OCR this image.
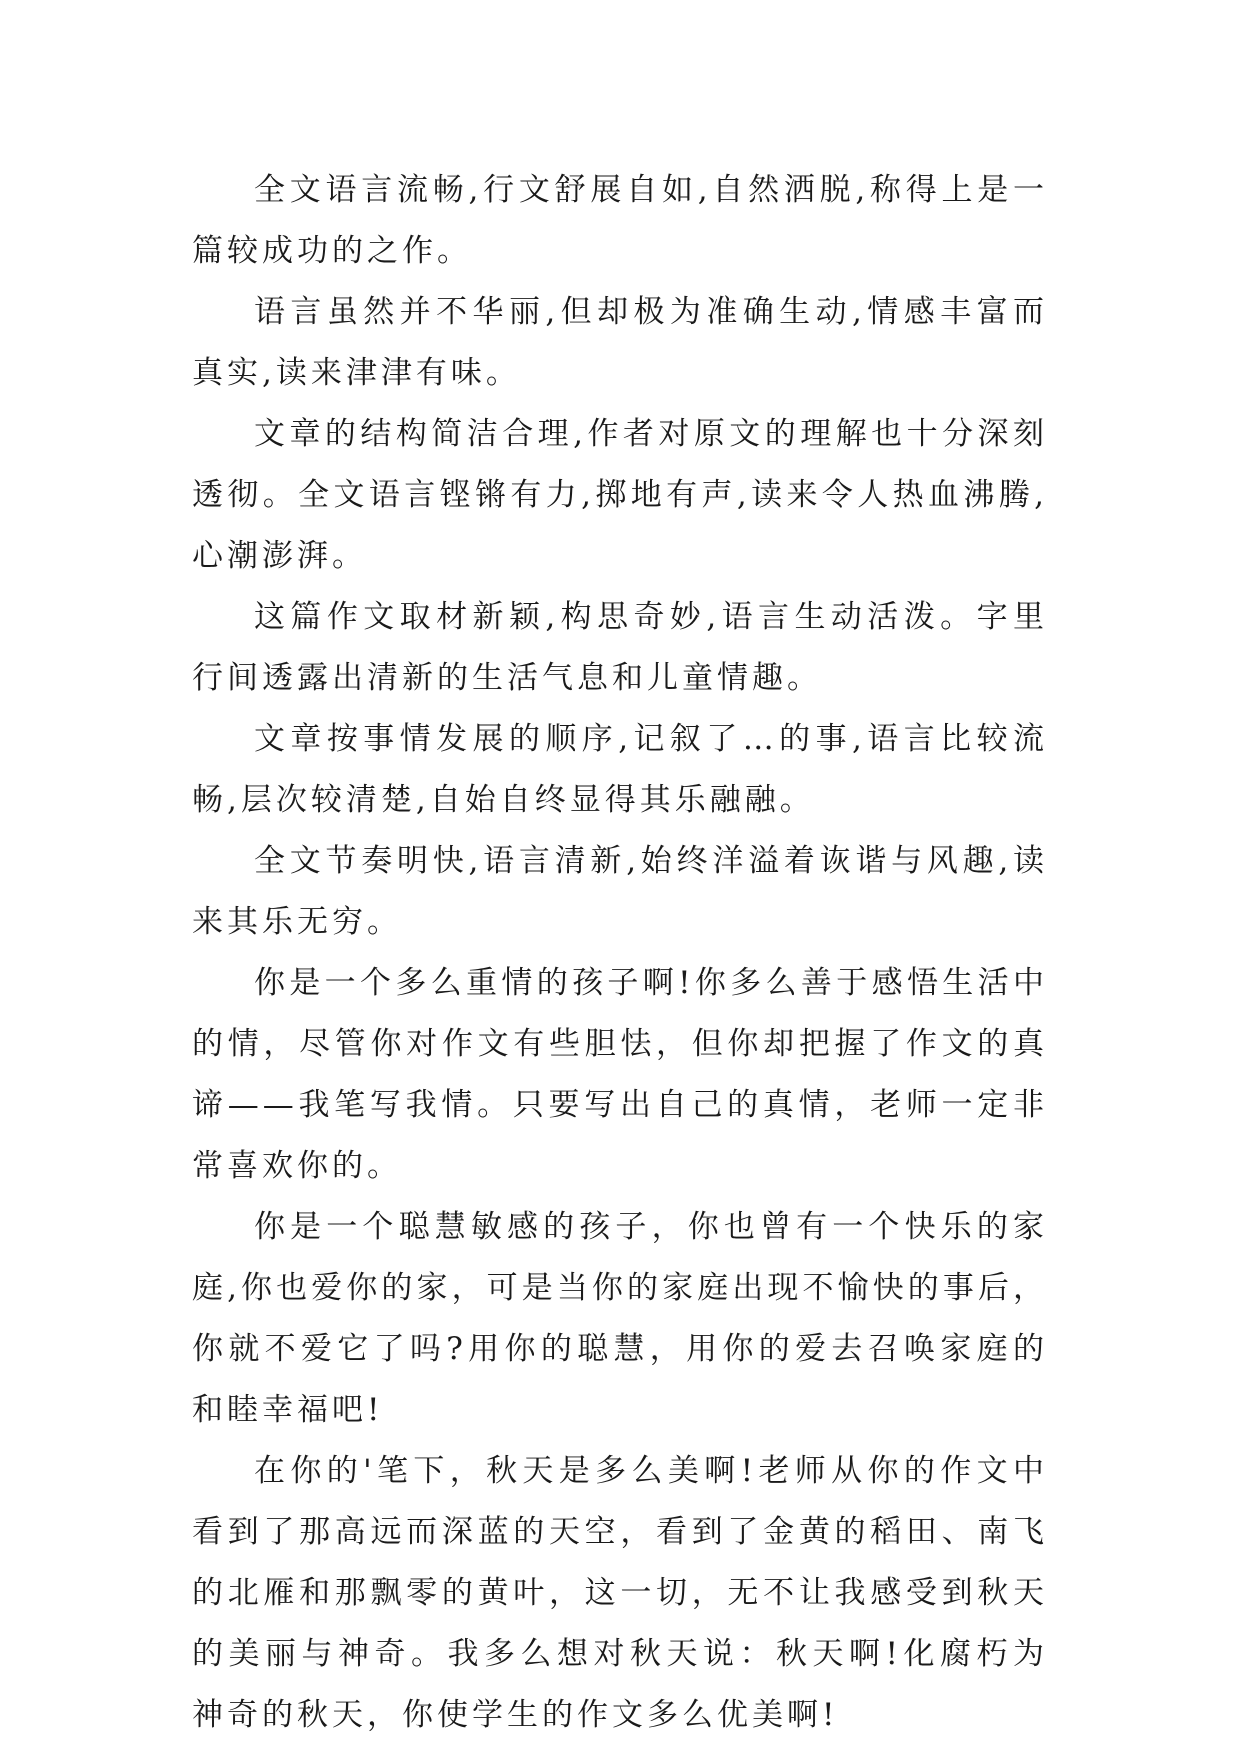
全文语言流畅,行文舒展自如,自然洒脱,称得上是一篇较成功的之作。

语言虽然并不华丽,但却极为准确生动,情感丰富而真实,读来津津有味。

文章的结构简洁合理,作者对原文的理解也十分深刻透彻。全文语言铿锵有力,掷地有声,读来令人热血沸腾,心潮澎湃。

这篇作文取材新颖,构思奇妙,语言生动活泼。字里行间透露出清新的生活气息和儿童情趣。

文章按事情发展的顺序,记叙了…的事,语言比较流畅,层次较清楚,自始自终显得其乐融融。

全文节奏明快,语言清新,始终洋溢着诙谐与风趣,读来其乐无穷。

你是一个多么重情的孩子啊!你多么善于感悟生活中的情，尽管你对作文有些胆怯，但你却把握了作文的真谛——我笔写我情。只要写出自己的真情，老师一定非常喜欢你的。

你是一个聪慧敏感的孩子，你也曾有一个快乐的家庭,你也爱你的家，可是当你的家庭出现不愉快的事后，你就不爱它了吗?用你的聪慧，用你的爱去召唤家庭的和睦幸福吧!

在你的'笔下，秋天是多么美啊!老师从你的作文中看到了那高远而深蓝的天空，看到了金黄的稻田、南飞的北雁和那飘零的黄叶，这一切，无不让我感受到秋天的美丽与神奇。我多么想对秋天说：秋天啊!化腐朽为神奇的秋天，你使学生的作文多么优美啊!
